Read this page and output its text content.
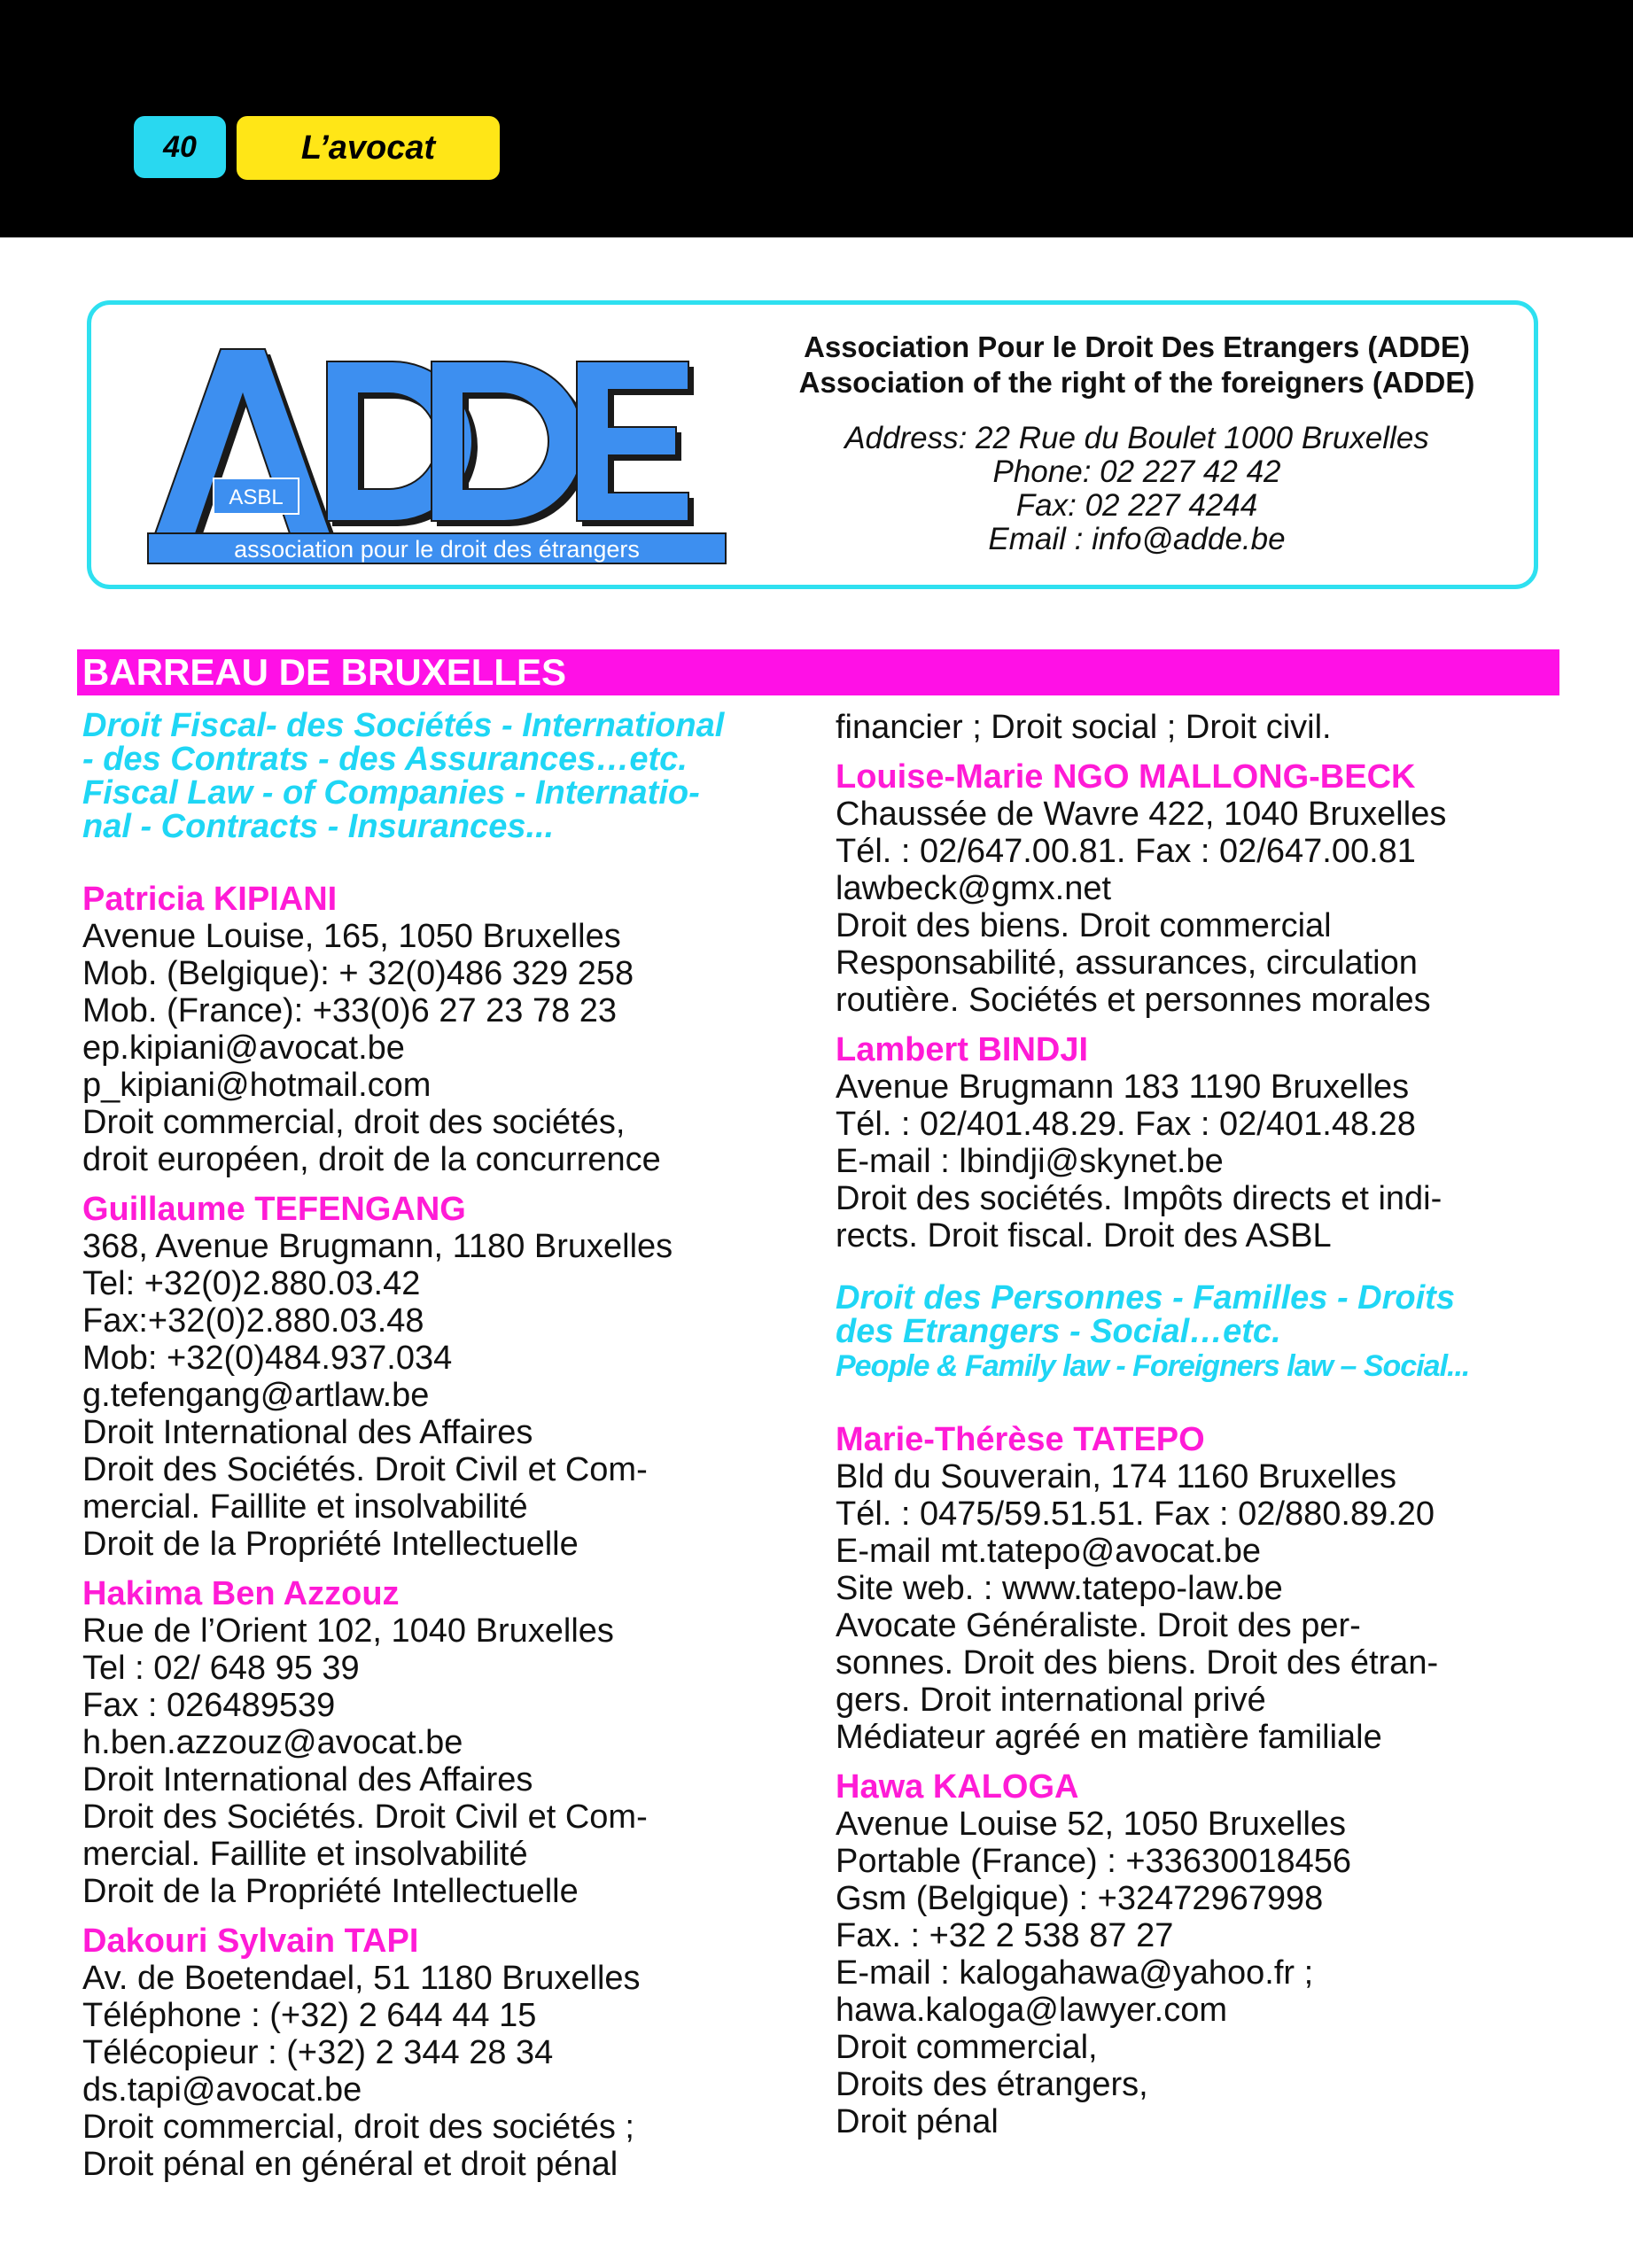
40	L’avocat
ASBL
association pour le droit des étrangers
Association Pour le Droit Des Etrangers (ADDE)
Association of the right of the foreigners (ADDE)
Address: 22 Rue du Boulet 1000 Bruxelles
Phone: 02 227 42 42
Fax: 02 227 4244
Email : info@adde.be
BARREAU DE BRUXELLES

Droit Fiscal- des Sociétés - International

- des Contrats - des Assurances…etc.

Fiscal Law - of Companies - Internatio-

nal - Contracts - Insurances...

Patricia KIPIANI

Avenue Louise, 165, 1050 Bruxelles

Mob. (Belgique): + 32(0)486 329 258

Mob. (France): +33(0)6 27 23 78 23

ep.kipiani@avocat.be

p_kipiani@hotmail.com

Droit commercial, droit des sociétés,

droit européen, droit de la concurrence

Guillaume TEFENGANG

368, Avenue Brugmann, 1180 Bruxelles

Tel: +32(0)2.880.03.42

Fax:+32(0)2.880.03.48

Mob: +32(0)484.937.034

g.tefengang@artlaw.be

Droit International des Affaires

Droit des Sociétés. Droit Civil et Com-

mercial. Faillite et insolvabilité

Droit de la Propriété Intellectuelle

Hakima Ben Azzouz

Rue de l’Orient 102, 1040 Bruxelles

Tel : 02/ 648 95 39

Fax : 026489539

h.ben.azzouz@avocat.be

Droit International des Affaires

Droit des Sociétés. Droit Civil et Com-

mercial. Faillite et insolvabilité

Droit de la Propriété Intellectuelle

Dakouri Sylvain TAPI

Av. de Boetendael, 51 1180 Bruxelles

Téléphone : (+32) 2 644 44 15

Télécopieur : (+32) 2 344 28 34

ds.tapi@avocat.be

Droit commercial, droit des sociétés ;

Droit pénal en général et droit pénal

financier ; Droit social ; Droit civil.

Louise-Marie NGO MALLONG-BECK

Chaussée de Wavre 422, 1040 Bruxelles

Tél. : 02/647.00.81. Fax : 02/647.00.81

lawbeck@gmx.net

Droit des biens. Droit commercial

Responsabilité, assurances, circulation

routière. Sociétés et personnes morales

Lambert BINDJI

Avenue Brugmann 183 1190 Bruxelles

Tél. : 02/401.48.29. Fax : 02/401.48.28

E-mail : lbindji@skynet.be

Droit des sociétés. Impôts directs et indi-

rects. Droit fiscal. Droit des ASBL

Droit des Personnes - Familles - Droits

des Etrangers - Social…etc.

People & Family law - Foreigners law – Social...

Marie-Thérèse TATEPO

Bld du Souverain, 174 1160 Bruxelles

Tél. : 0475/59.51.51. Fax : 02/880.89.20

E-mail mt.tatepo@avocat.be

Site web. : www.tatepo-law.be

Avocate Généraliste. Droit des per-

sonnes. Droit des biens. Droit des étran-

gers. Droit international privé

Médiateur agréé en matière familiale

Hawa KALOGA

Avenue Louise 52, 1050 Bruxelles

Portable (France) : +33630018456

Gsm (Belgique) : +32472967998

Fax. : +32 2 538 87 27

E-mail : kalogahawa@yahoo.fr ;

hawa.kaloga@lawyer.com

Droit commercial,

Droits des étrangers,

Droit pénal
